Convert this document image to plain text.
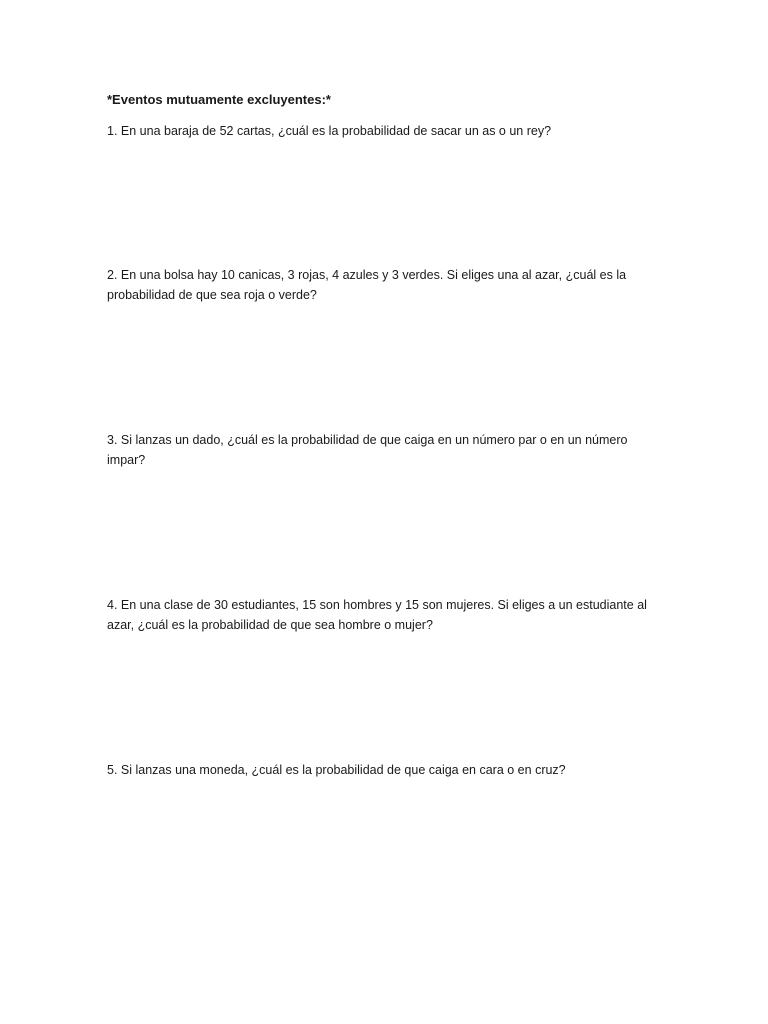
*Eventos mutuamente excluyentes:*
1. En una baraja de 52 cartas, ¿cuál es la probabilidad de sacar un as o un rey?
2. En una bolsa hay 10 canicas, 3 rojas, 4 azules y 3 verdes. Si eliges una al azar, ¿cuál es la probabilidad de que sea roja o verde?
3. Si lanzas un dado, ¿cuál es la probabilidad de que caiga en un número par o en un número impar?
4. En una clase de 30 estudiantes, 15 son hombres y 15 son mujeres. Si eliges a un estudiante al azar, ¿cuál es la probabilidad de que sea hombre o mujer?
5. Si lanzas una moneda, ¿cuál es la probabilidad de que caiga en cara o en cruz?
